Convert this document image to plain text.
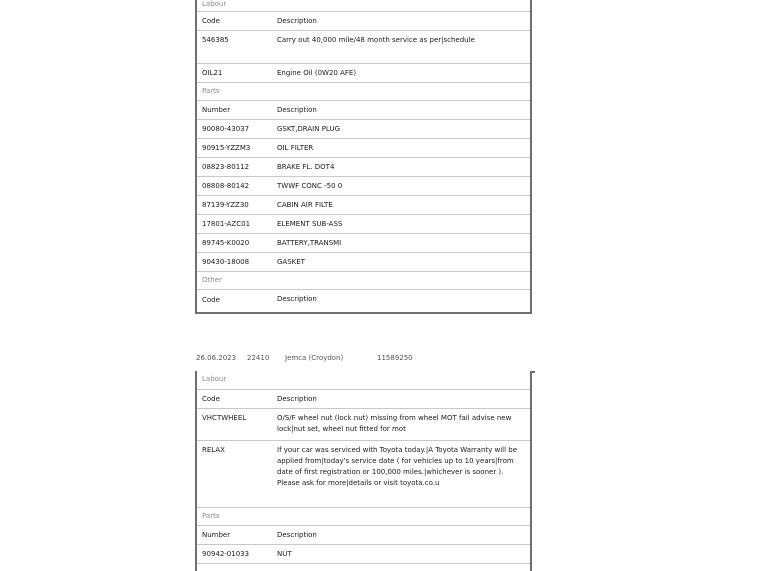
Labour
Code	Description
546385	Carry out 40,000 mile/48 month service as per|schedule
OIL21	Engine Oil (0W20 AFE)
Parts
Number	Description
90080-43037	GSKT,DRAIN PLUG
90915-YZZM3	OIL FILTER
08823-80112	BRAKE FL. DOT4
08808-80142	TWWF CONC -50 0
87139-YZZ30	CABIN AIR FILTE
17801-AZC01	ELEMENT SUB-ASS
89745-K0020	BATTERY,TRANSMI
90430-18008	GASKET
Other
Code	Description
26.06.2023 22410 Jemca (Croydon)	11589250
Labour
Code	Description
VHCTWHEEL	O/S/F wheel nut (lock nut) missing from wheel MOT fail advise new lock|nut set, wheel nut fitted for mot
RELAX	If your car was serviced with Toyota today.|A Toyota Warranty will be applied from|today's service date ( for vehicles up to 10 years|from date of first registration or 100,000 miles.|whichever is sooner ). Please ask for more|details or visit toyota.co.u
Parts
Number	Description
90942-01033	NUT
